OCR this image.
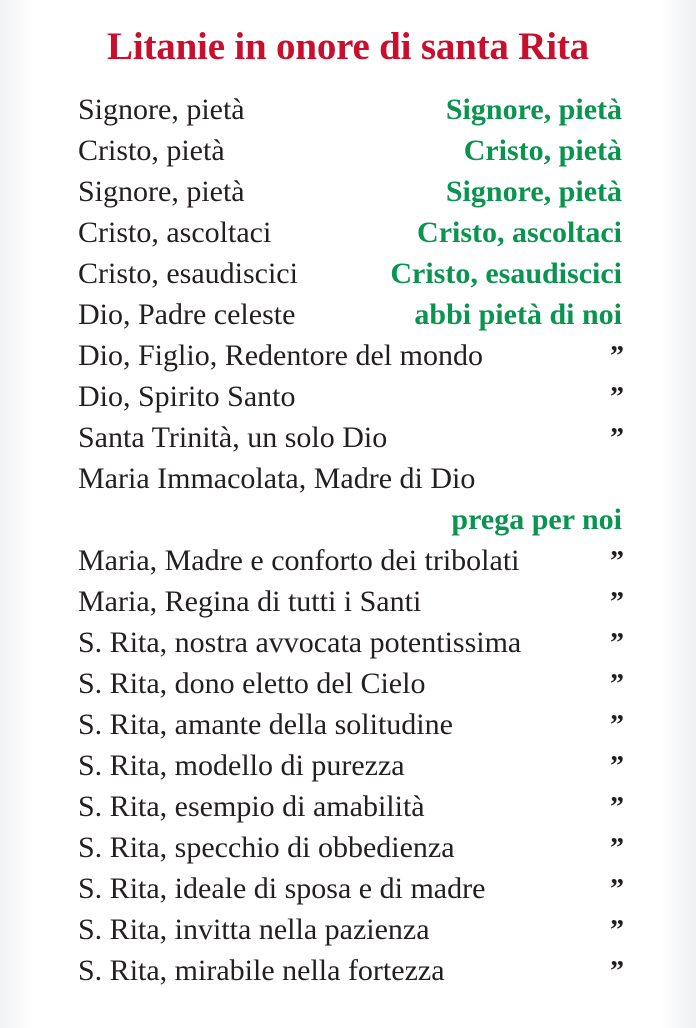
Litanie in onore di santa Rita
Signore, pietà	Signore, pietà
Cristo, pietà	Cristo, pietà
Signore, pietà	Signore, pietà
Cristo, ascoltaci	Cristo, ascoltaci
Cristo, esaudiscici	Cristo, esaudiscici
Dio, Padre celeste	abbi pietà di noi
Dio, Figlio, Redentore del mondo	”
Dio, Spirito Santo	”
Santa Trinità, un solo Dio	”
Maria Immacolata, Madre di Dio
prega per noi
Maria, Madre e conforto dei tribolati	”
Maria, Regina di tutti i Santi	”
S. Rita, nostra avvocata potentissima	”
S. Rita, dono eletto del Cielo	”
S. Rita, amante della solitudine	”
S. Rita, modello di purezza	”
S. Rita, esempio di amabilità	”
S. Rita, specchio di obbedienza	”
S. Rita, ideale di sposa e di madre	”
S. Rita, invitta nella pazienza	”
S. Rita, mirabile nella fortezza	”
